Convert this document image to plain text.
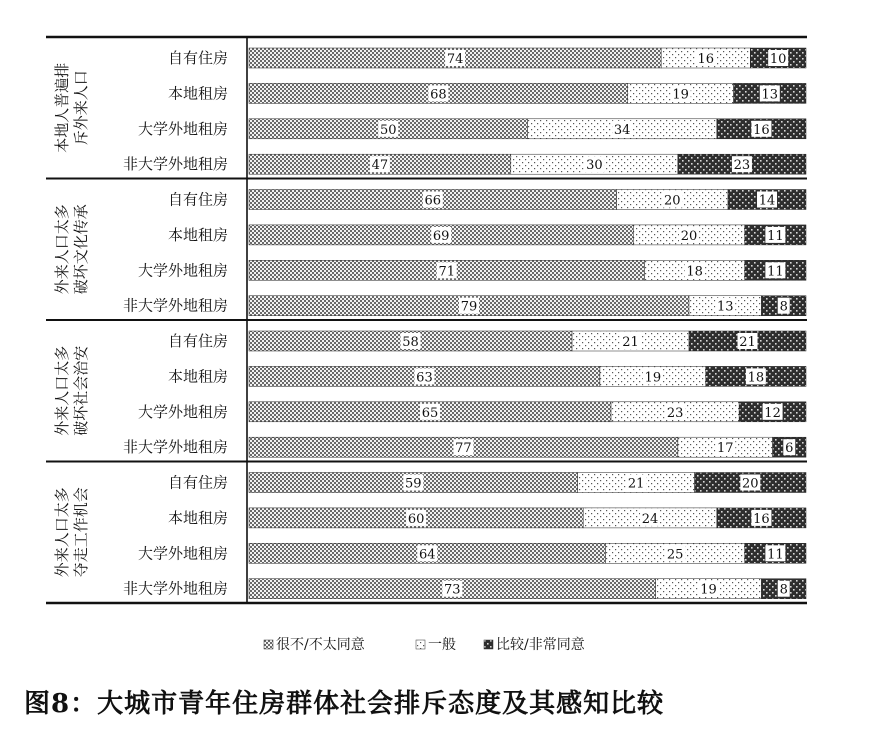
本地人普遍排斥外来人口
自有住房	74	16	10
本地租房	68	19	13
大学外地租房	50	34	16
非大学外地租房	47	30	23
外来人口太多破坏文化传承
自有住房	66	20	14
本地租房	69	20	11
大学外地租房	71	18	11
非大学外地租房	79	13	8
外来人口太多破坏社会治安
自有住房	58	21	21
本地租房	63	19	18
大学外地租房	65	23	12
非大学外地租房	77	17	6
外来人口太多夺走工作机会
自有住房	59	21	20
本地租房	60	24	16
大学外地租房	64	25	11
非大学外地租房	73	19	8
很不/不太同意	一般	比较/非常同意
图8：大城市青年住房群体社会排斥态度及其感知比较
